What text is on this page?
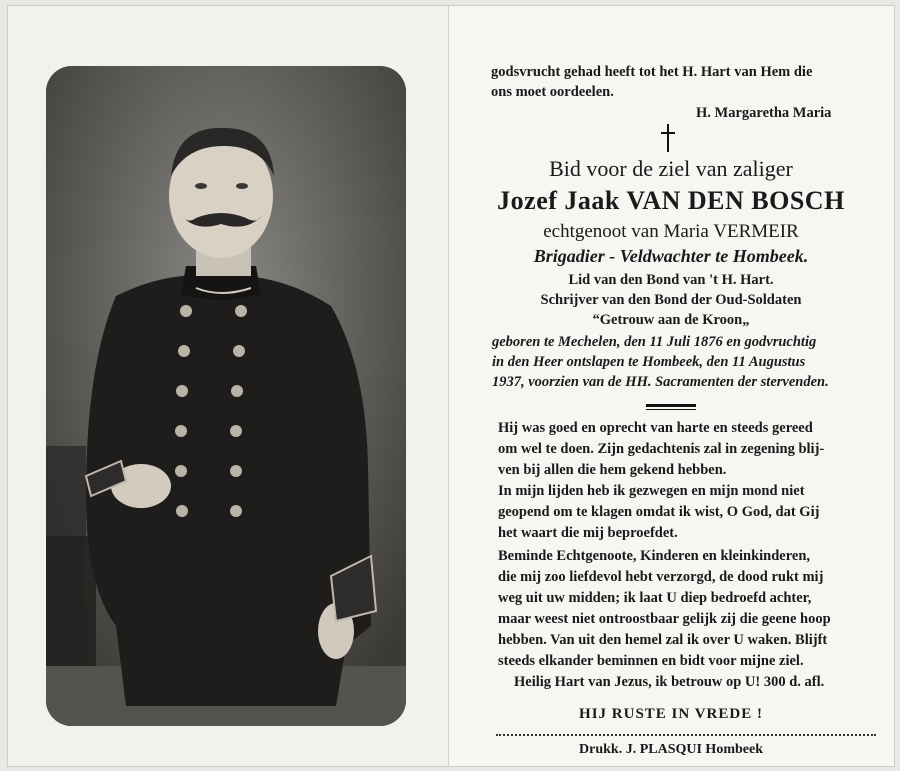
godsvrucht gehad heeft tot het H. Hart van Hem die
ons moet oordeelen.
H. Margaretha Maria
Bid voor de ziel van zaliger
Jozef Jaak VAN DEN BOSCH
echtgenoot van Maria VERMEIR
Brigadier - Veldwachter te Hombeek.
Lid van den Bond van 't H. Hart.
Schrijver van den Bond der Oud-Soldaten
“Getrouw aan de Kroon„
geboren te Mechelen, den 11 Juli 1876 en godvruchtig
in den Heer ontslapen te Hombeek, den 11 Augustus
1937, voorzien van de HH. Sacramenten der stervenden.
Hij was goed en oprecht van harte en steeds gereed
om wel te doen. Zijn gedachtenis zal in zegening blij-
ven bij allen die hem gekend hebben.
In mijn lijden heb ik gezwegen en mijn mond niet
geopend om te klagen omdat ik wist, O God, dat Gij
het waart die mij beproefdet.
Beminde Echtgenoote, Kinderen en kleinkinderen,
die mij zoo liefdevol hebt verzorgd, de dood rukt mij
weg uit uw midden; ik laat U diep bedroefd achter,
maar weest niet ontroostbaar gelijk zij die geene hoop
hebben. Van uit den hemel zal ik over U waken. Blijft
steeds elkander beminnen en bidt voor mijne ziel.
Heilig Hart van Jezus, ik betrouw op U! 300 d. afl.
HIJ RUSTE IN VREDE !
Drukk. J. PLASQUI Hombeek
